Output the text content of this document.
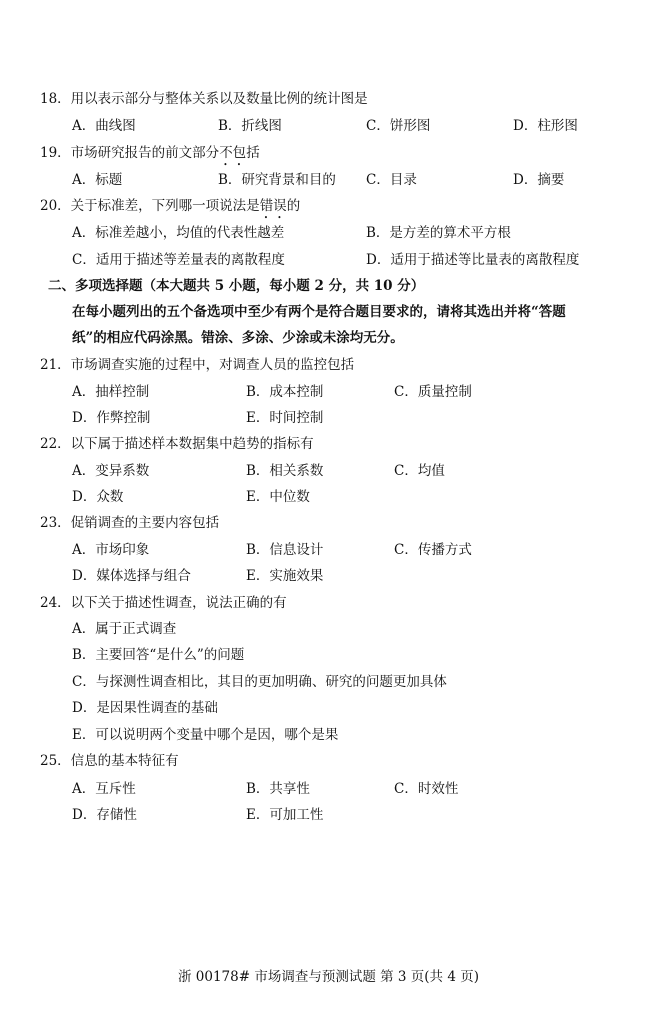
18．用以表示部分与整体关系以及数量比例的统计图是
A．曲线图	B．折线图	C．饼形图	D．柱形图
19．市场研究报告的前文部分不包括
A．标题	B．研究背景和目的 C．目录	D．摘要
20．关于标准差，下列哪一项说法是错误的
A．标准差越小，均值的代表性越差	B．是方差的算术平方根
C．适用于描述等差量表的离散程度	D．适用于描述等比量表的离散程度
二、多项选择题（本大题共 5 小题，每小题 2 分，共 10 分）
在每小题列出的五个备选项中至少有两个是符合题目要求的，请将其选出并将“答题
纸”的相应代码涂黑。错涂、多涂、少涂或未涂均无分。
21．市场调查实施的过程中，对调查人员的监控包括
A．抽样控制	B．成本控制	C．质量控制
D．作弊控制	E．时间控制
22．以下属于描述样本数据集中趋势的指标有
A．变异系数	B．相关系数	C．均值
D．众数	E．中位数
23．促销调查的主要内容包括
A．市场印象	B．信息设计	C．传播方式
D．媒体选择与组合	E．实施效果
24．以下关于描述性调查，说法正确的有
A．属于正式调查
B．主要回答“是什么”的问题
C．与探测性调查相比，其目的更加明确、研究的问题更加具体
D．是因果性调查的基础
E．可以说明两个变量中哪个是因，哪个是果
25．信息的基本特征有
A．互斥性	B．共享性	C．时效性
D．存储性	E．可加工性
浙 00178# 市场调查与预测试题 第 3 页(共 4 页)
